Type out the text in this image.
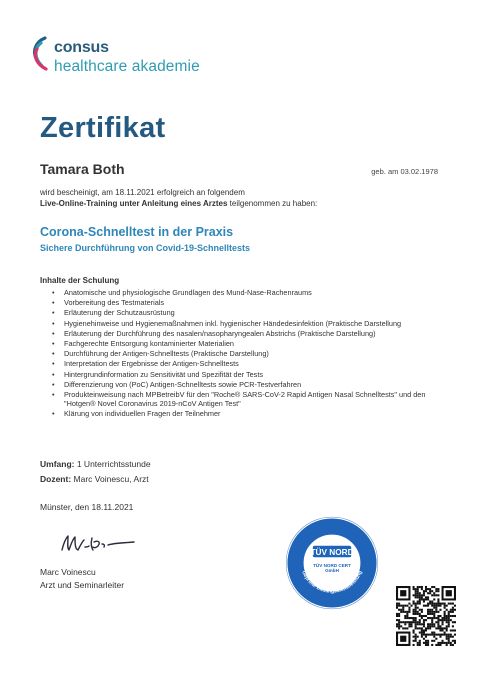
consus
healthcare akademie
Zertifikat
Tamara Both	geb. am 03.02.1978
wird bescheinigt, am 18.11.2021 erfolgreich an folgendem
Live-Online-Training unter Anleitung eines Arztes teilgenommen zu haben:
Corona-Schnelltest in der Praxis
Sichere Durchführung von Covid-19-Schnelltests
Inhalte der Schulung
• Anatomische und physiologische Grundlagen des Mund-Nase-Rachenraums
• Vorbereitung des Testmaterials
• Erläuterung der Schutzausrüstung
• Hygienehinweise und Hygienemaßnahmen inkl. hygienischer Händedesinfektion (Praktische Darstellung
• Erläuterung der Durchführung des nasalen/nasopharyngealen Abstrichs (Praktische Darstellung)
• Fachgerechte Entsorgung kontaminierter Materialien
• Durchführung der Antigen-Schnelltests (Praktische Darstellung)
• Interpretation der Ergebnisse der Antigen-Schnelltests
• Hintergrundinformation zu Sensitivität und Spezifität der Tests
• Differenzierung von (PoC) Antigen-Schnelltests sowie PCR-Testverfahren
• Produkteinweisung nach MPBetreibV für den "Roche® SARS-CoV-2 Rapid Antigen Nasal Schnelltests" und den "Hotgen® Novel Coronavirus 2019-nCoV Antigen Test"
• Klärung von individuellen Fragen der Teilnehmer
Umfang: 1 Unterrichtsstunde
Dozent: Marc Voinescu, Arzt
Münster, den 18.11.2021
Marc Voinescu
Arzt und Seminarleiter
TÜV NORD
TÜV NORD CERT
GmbH
Geprüfte Bildungsdienstleistung
